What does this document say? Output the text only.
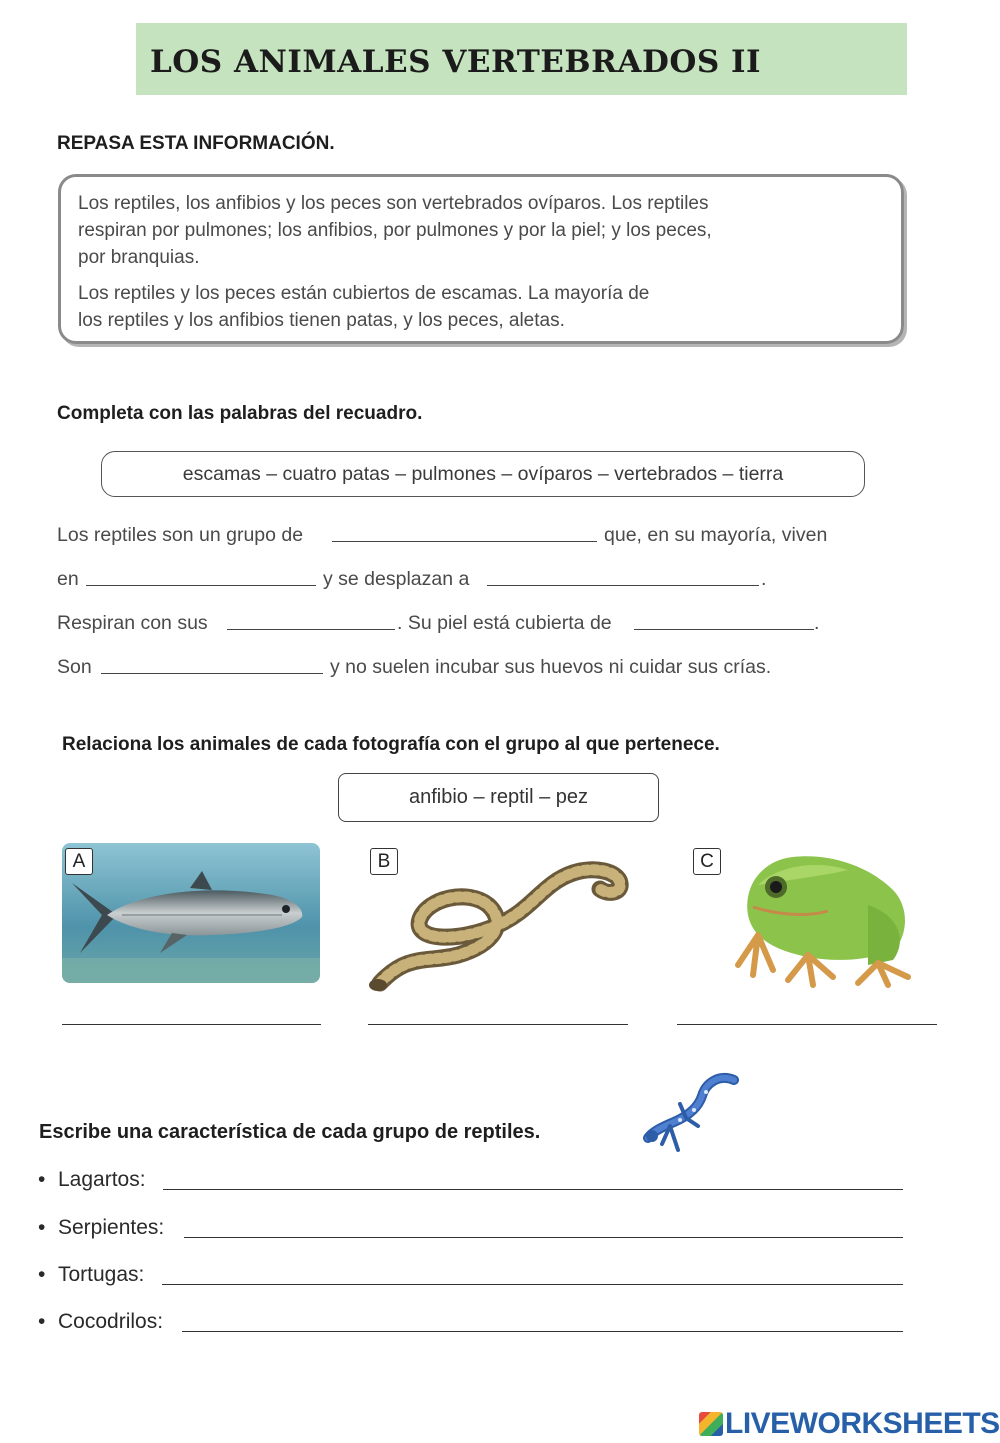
LOS ANIMALES VERTEBRADOS II
REPASA ESTA INFORMACIÓN.
Los reptiles, los anfibios y los peces son vertebrados ovíparos. Los reptiles
respiran por pulmones; los anfibios, por pulmones y por la piel; y los peces,
por branquias.
Los reptiles y los peces están cubiertos de escamas. La mayoría de
los reptiles y los anfibios tienen patas, y los peces, aletas.
Completa con las palabras del recuadro.
escamas – cuatro patas – pulmones – ovíparos – vertebrados – tierra
Los reptiles son un grupo de	que, en su mayoría, viven
en	y se desplazan a	.
Respiran con sus	. Su piel está cubierta de	.
Son	y no suelen incubar sus huevos ni cuidar sus crías.
Relaciona los animales de cada fotografía con el grupo al que pertenece.
anfibio – reptil – pez
A	B	C
Escribe una característica de cada grupo de reptiles.
• Lagartos:
• Serpientes:
• Tortugas:
• Cocodrilos:
LIVEWORKSHEETS
